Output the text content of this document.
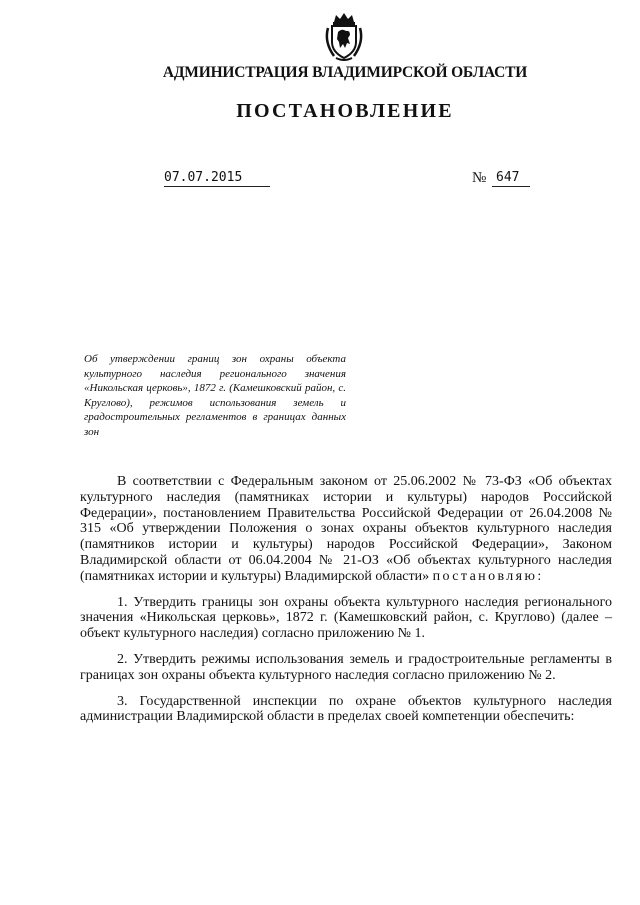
АДМИНИСТРАЦИЯ ВЛАДИМИРСКОЙ ОБЛАСТИ
ПОСТАНОВЛЕНИЕ
07.07.2015	№ 647
Об утверждении границ зон охраны объекта культурного наследия регионального значения «Никольская церковь», 1872 г. (Камешковский район, с. Круглово), режимов использования земель и градостроительных регламентов в границах данных зон

В соответствии с Федеральным законом от 25.06.2002 № 73-ФЗ «Об объектах культурного наследия (памятниках истории и культуры) народов Российской Федерации», постановлением Правительства Российской Федерации от 26.04.2008 № 315 «Об утверждении Положения о зонах охраны объектов культурного наследия (памятников истории и культуры) народов Российской Федерации», Законом Владимирской области от 06.04.2004 № 21-ОЗ «Об объектах культурного наследия (памятниках истории и культуры) Владимирской области» постановляю:

1. Утвердить границы зон охраны объекта культурного наследия регионального значения «Никольская церковь», 1872 г. (Камешковский район, с. Круглово) (далее – объект культурного наследия) согласно приложению № 1.

2. Утвердить режимы использования земель и градостроительные регламенты в границах зон охраны объекта культурного наследия согласно приложению № 2.

3. Государственной инспекции по охране объектов культурного наследия администрации Владимирской области в пределах своей компетенции обеспечить:
